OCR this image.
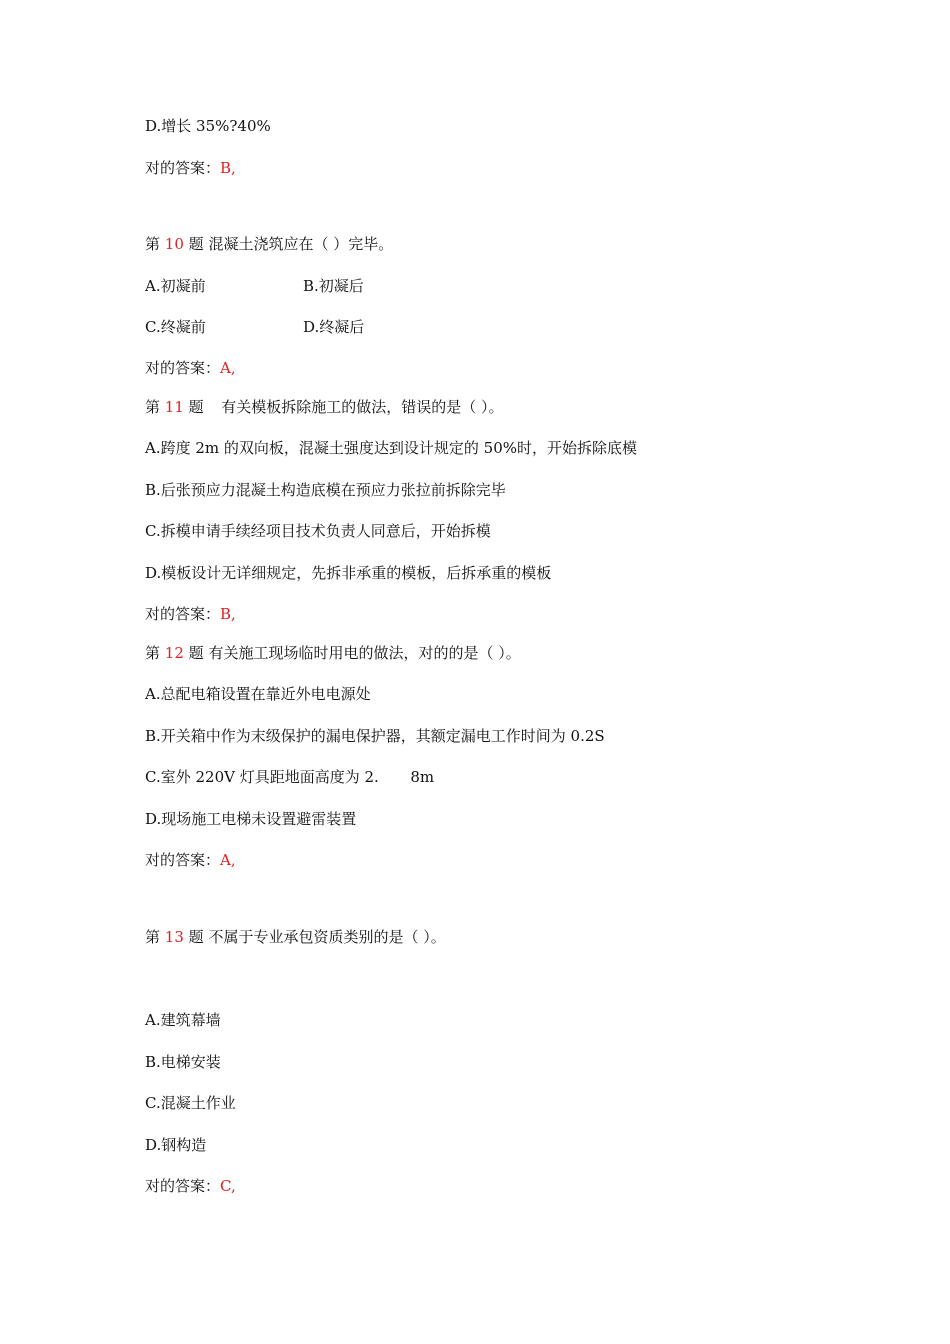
D.增长 35%?40%
对的答案：B,
第 10 题 混凝土浇筑应在（ ）完毕。
A.初凝前	B.初凝后
C.终凝前	D.终凝后
对的答案：A,
第 11 题 有关模板拆除施工的做法，错误的是（ ）。
A.跨度 2m 的双向板，混凝土强度达到设计规定的 50%时，开始拆除底模
B.后张预应力混凝土构造底模在预应力张拉前拆除完毕
C.拆模申请手续经项目技术负责人同意后，开始拆模
D.模板设计无详细规定，先拆非承重的模板，后拆承重的模板
对的答案：B,
第 12 题 有关施工现场临时用电的做法，对的的是（ ）。
A.总配电箱设置在靠近外电电源处
B.开关箱中作为末级保护的漏电保护器，其额定漏电工作时间为 0.2S
C.室外 220V 灯具距地面高度为 2. 8m
D.现场施工电梯未设置避雷装置
对的答案：A,
第 13 题 不属于专业承包资质类别的是（ ）。
A.建筑幕墙
B.电梯安装
C.混凝土作业
D.钢构造
对的答案：C,
